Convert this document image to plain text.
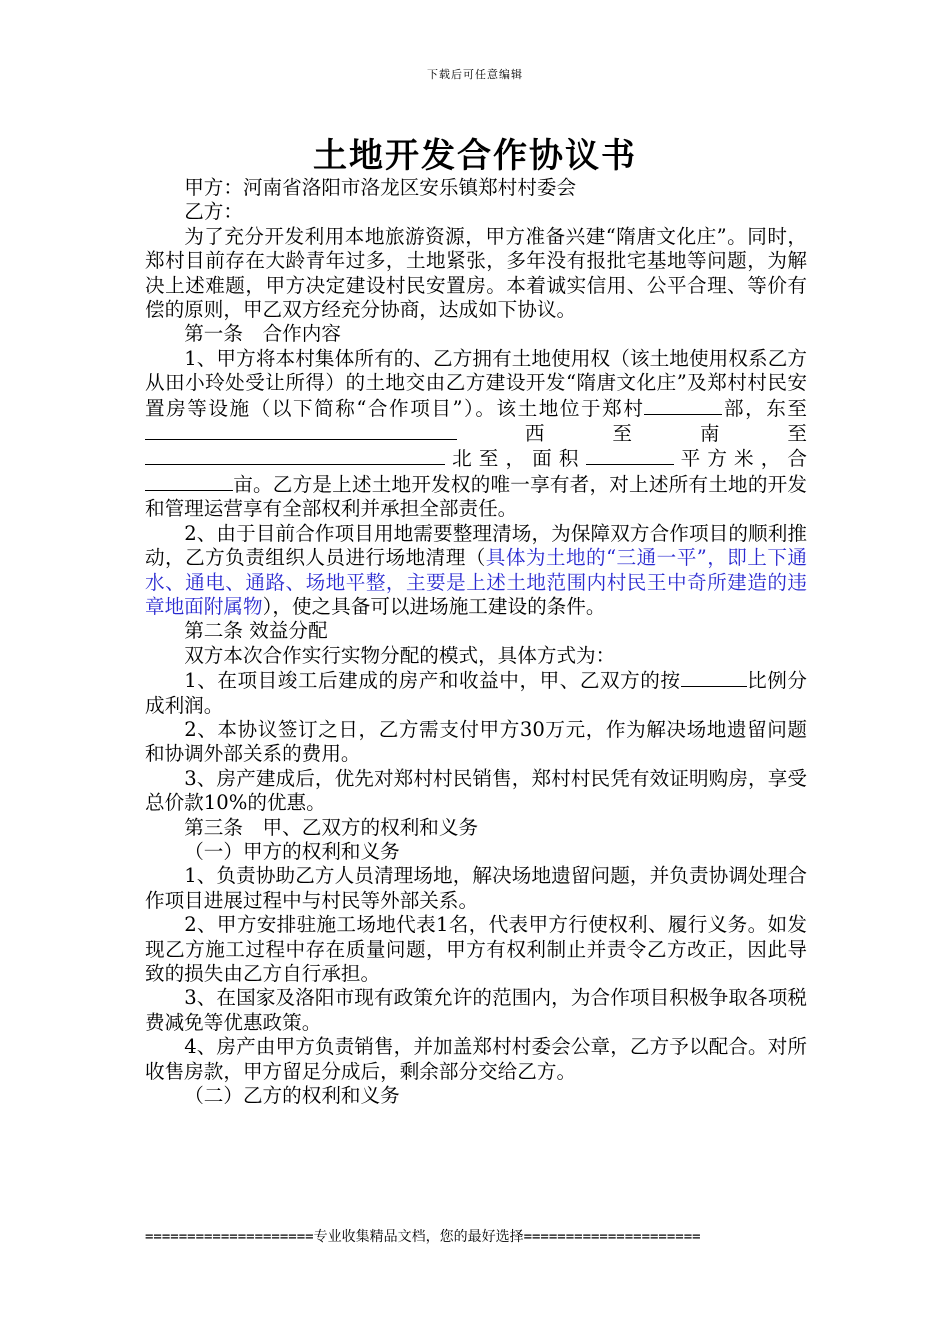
下载后可任意编辑
土地开发合作协议书

甲方：河南省洛阳市洛龙区安乐镇郑村村委会

乙方：

为了充分开发利用本地旅游资源，甲方准备兴建“隋唐文化庄”。同时，郑村目前存在大龄青年过多，土地紧张，多年没有报批宅基地等问题，为解决上述难题，甲方决定建设村民安置房。本着诚实信用、公平合理、等价有偿的原则，甲乙双方经充分协商，达成如下协议。

第一条　合作内容

1、甲方将本村集体所有的、乙方拥有土地使用权（该土地使用权系乙方从田小玲处受让所得）的土地交由乙方建设开发“隋唐文化庄”及郑村村民安置房等设施（以下简称“合作项目”）。该土地位于郑村	部，东至西至南至北至，面积	平方米，合亩。乙方是上述土地开发权的唯一享有者，对上述所有土地的开发和管理运营享有全部权利并承担全部责任。

2、由于目前合作项目用地需要整理清场，为保障双方合作项目的顺利推动，乙方负责组织人员进行场地清理（具体为土地的“三通一平”，即上下通水、通电、通路、场地平整，主要是上述土地范围内村民王中奇所建造的违章地面附属物），使之具备可以进场施工建设的条件。

第二条 效益分配

双方本次合作实行实物分配的模式，具体方式为：

1、在项目竣工后建成的房产和收益中，甲、乙双方的按	比例分成利润。

2、本协议签订之日，乙方需支付甲方30万元，作为解决场地遗留问题和协调外部关系的费用。

3、房产建成后，优先对郑村村民销售，郑村村民凭有效证明购房，享受总价款10%的优惠。

第三条　甲、乙双方的权利和义务

（一）甲方的权利和义务

1、负责协助乙方人员清理场地，解决场地遗留问题，并负责协调处理合作项目进展过程中与村民等外部关系。

2、甲方安排驻施工场地代表1名，代表甲方行使权利、履行义务。如发现乙方施工过程中存在质量问题，甲方有权利制止并责令乙方改正，因此导致的损失由乙方自行承担。

3、在国家及洛阳市现有政策允许的范围内，为合作项目积极争取各项税费减免等优惠政策。

4、房产由甲方负责销售，并加盖郑村村委会公章，乙方予以配合。对所收售房款，甲方留足分成后，剩余部分交给乙方。

（二）乙方的权利和义务

====================专业收集精品文档，您的最好选择=====================
